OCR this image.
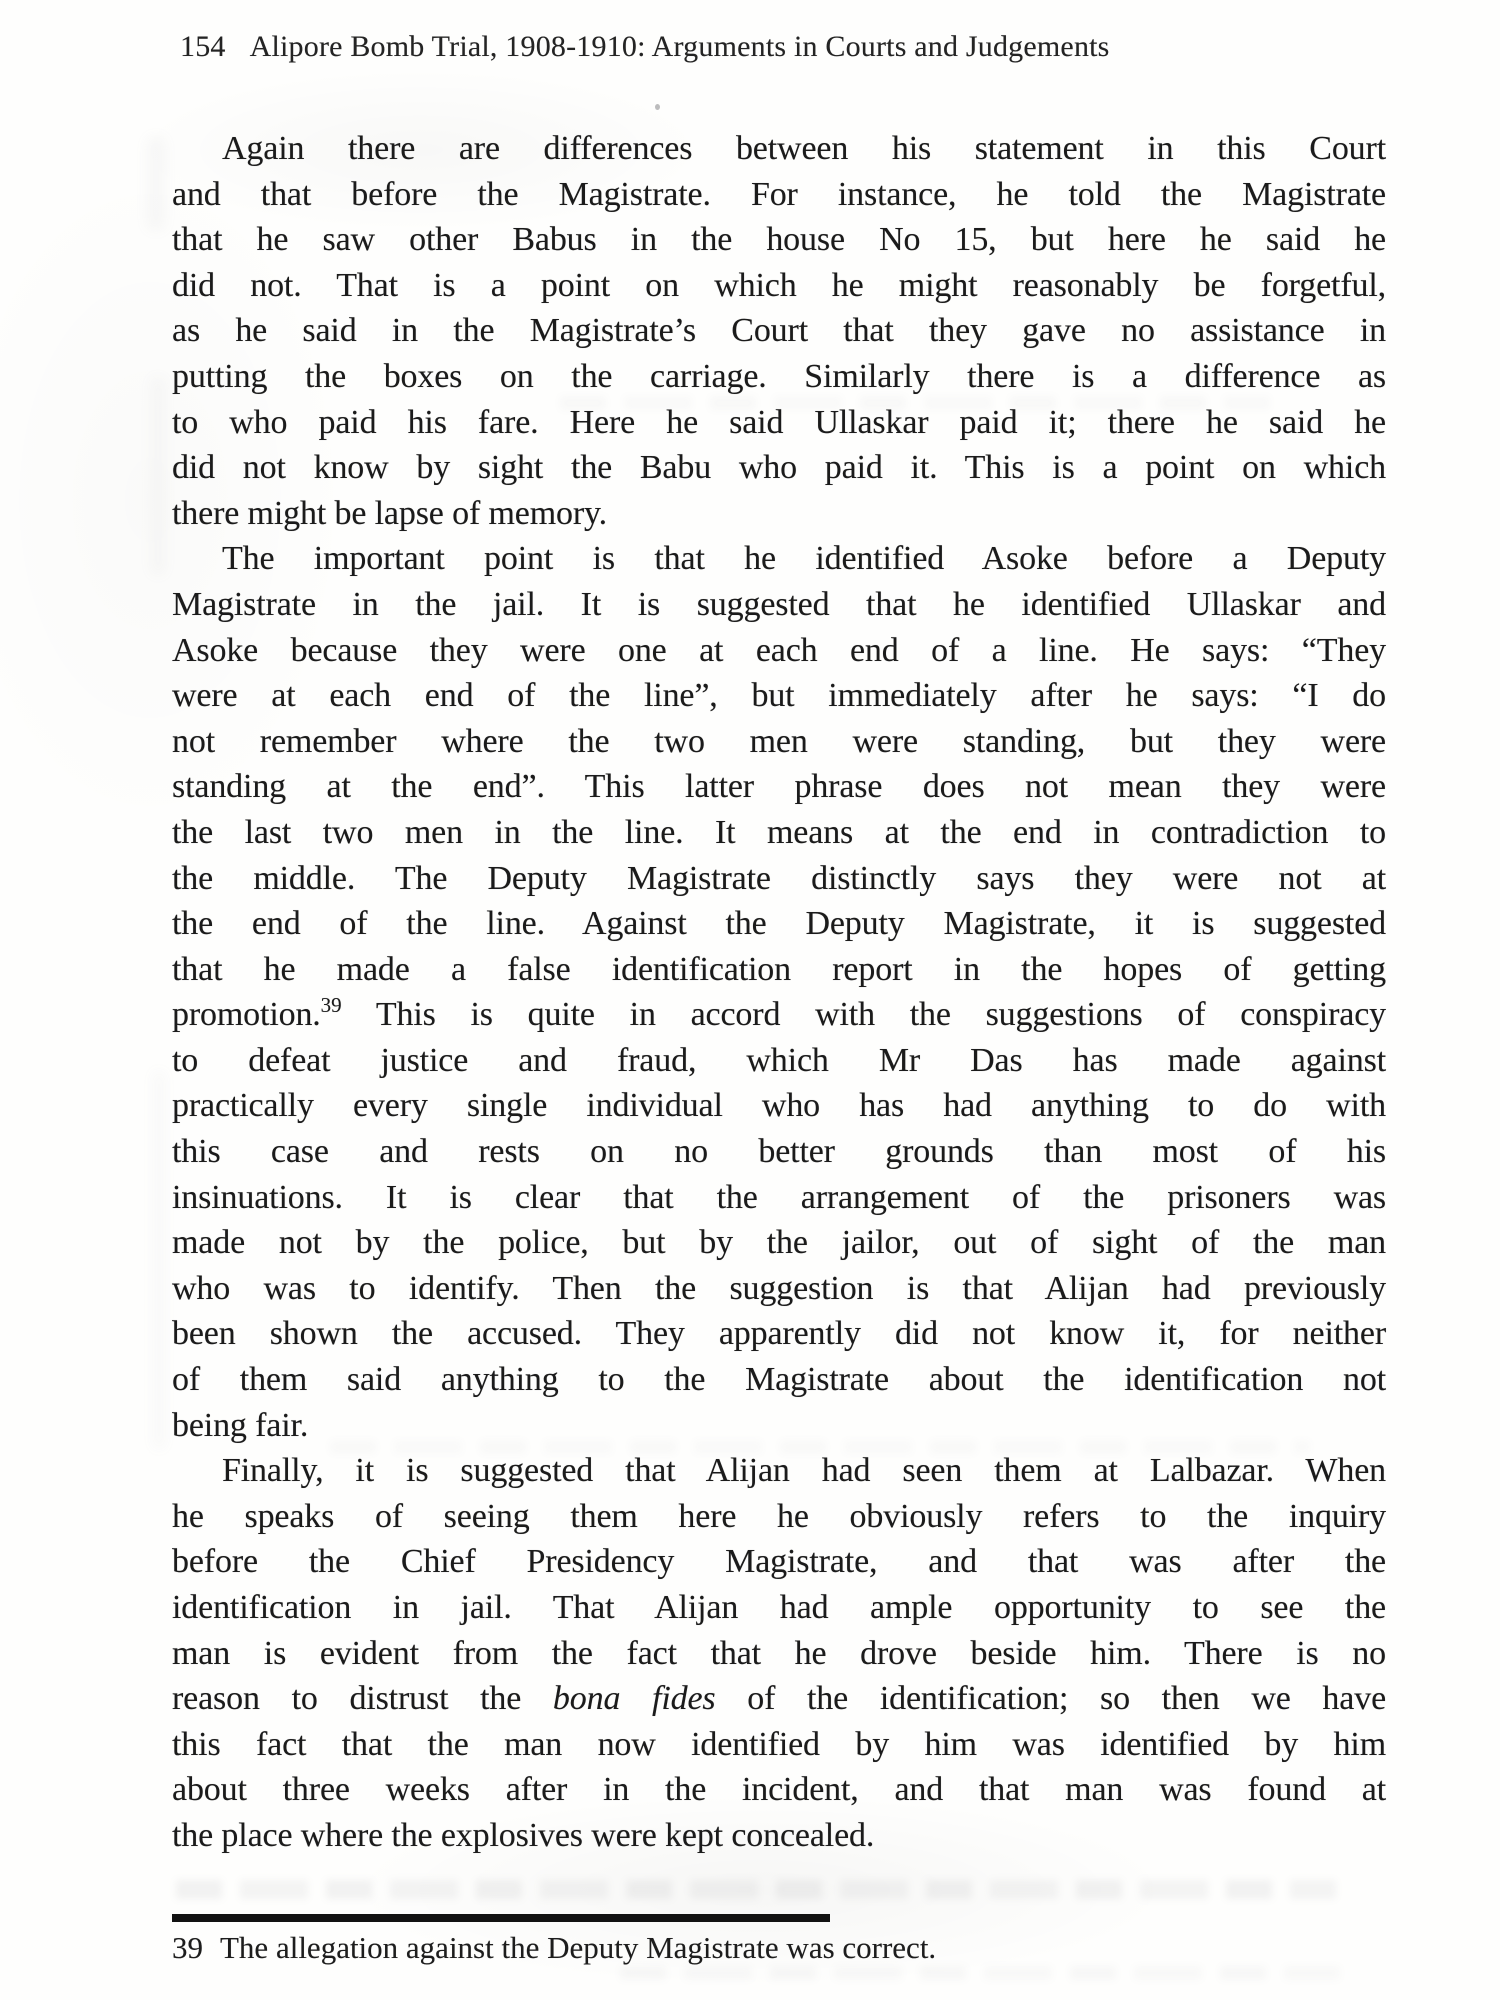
154 Alipore Bomb Trial, 1908-1910: Arguments in Courts and Judgements
Again there are differences between his statement in this Court
and that before the Magistrate. For instance, he told the Magistrate
that he saw other Babus in the house No 15, but here he said he
did not. That is a point on which he might reasonably be forgetful,
as he said in the Magistrate’s Court that they gave no assistance in
putting the boxes on the carriage. Similarly there is a difference as
to who paid his fare. Here he said Ullaskar paid it; there he said he
did not know by sight the Babu who paid it. This is a point on which
there might be lapse of memory.
The important point is that he identified Asoke before a Deputy
Magistrate in the jail. It is suggested that he identified Ullaskar and
Asoke because they were one at each end of a line. He says: “They
were at each end of the line”, but immediately after he says: “I do
not remember where the two men were standing, but they were
standing at the end”. This latter phrase does not mean they were
the last two men in the line. It means at the end in contradiction to
the middle. The Deputy Magistrate distinctly says they were not at
the end of the line. Against the Deputy Magistrate, it is suggested
that he made a false identification report in the hopes of getting
promotion.$^{39}$ This is quite in accord with the suggestions of conspiracy
to defeat justice and fraud, which Mr Das has made against
practically every single individual who has had anything to do with
this case and rests on no better grounds than most of his
insinuations. It is clear that the arrangement of the prisoners was
made not by the police, but by the jailor, out of sight of the man
who was to identify. Then the suggestion is that Alijan had previously
been shown the accused. They apparently did not know it, for neither
of them said anything to the Magistrate about the identification not
being fair.
Finally, it is suggested that Alijan had seen them at Lalbazar. When
he speaks of seeing them here he obviously refers to the inquiry
before the Chief Presidency Magistrate, and that was after the
identification in jail. That Alijan had ample opportunity to see the
man is evident from the fact that he drove beside him. There is no
reason to distrust the bona fides of the identification; so then we have
this fact that the man now identified by him was identified by him
about three weeks after in the incident, and that man was found at
the place where the explosives were kept concealed.
39 The allegation against the Deputy Magistrate was correct.
